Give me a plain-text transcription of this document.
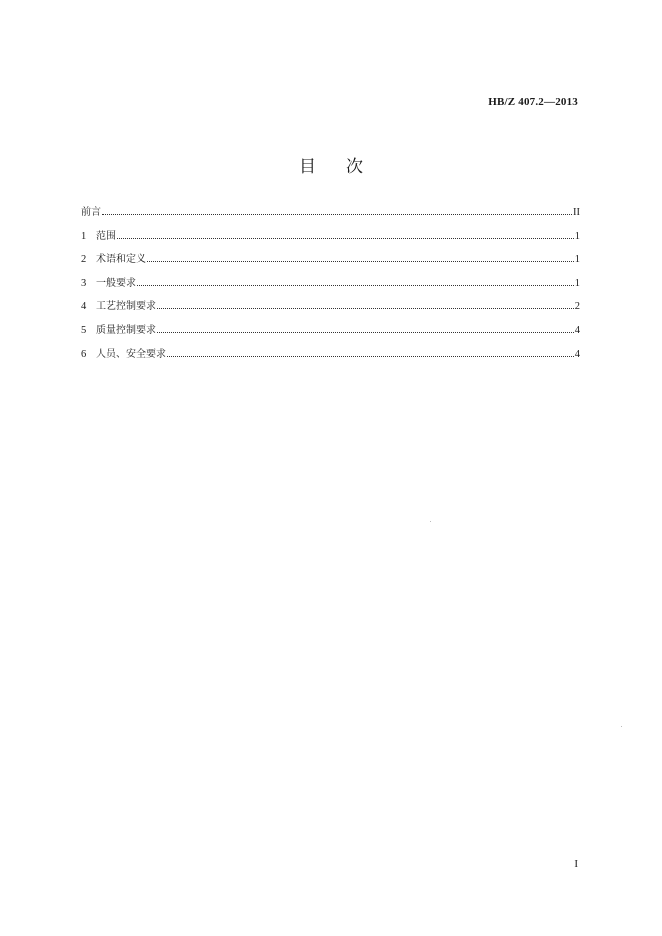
HB/Z 407.2—2013
目 次
前言	II
1 范围	1
2 术语和定义	1
3 一般要求	1
4 工艺控制要求	2
5 质量控制要求	4
6 人员、安全要求	4
I
